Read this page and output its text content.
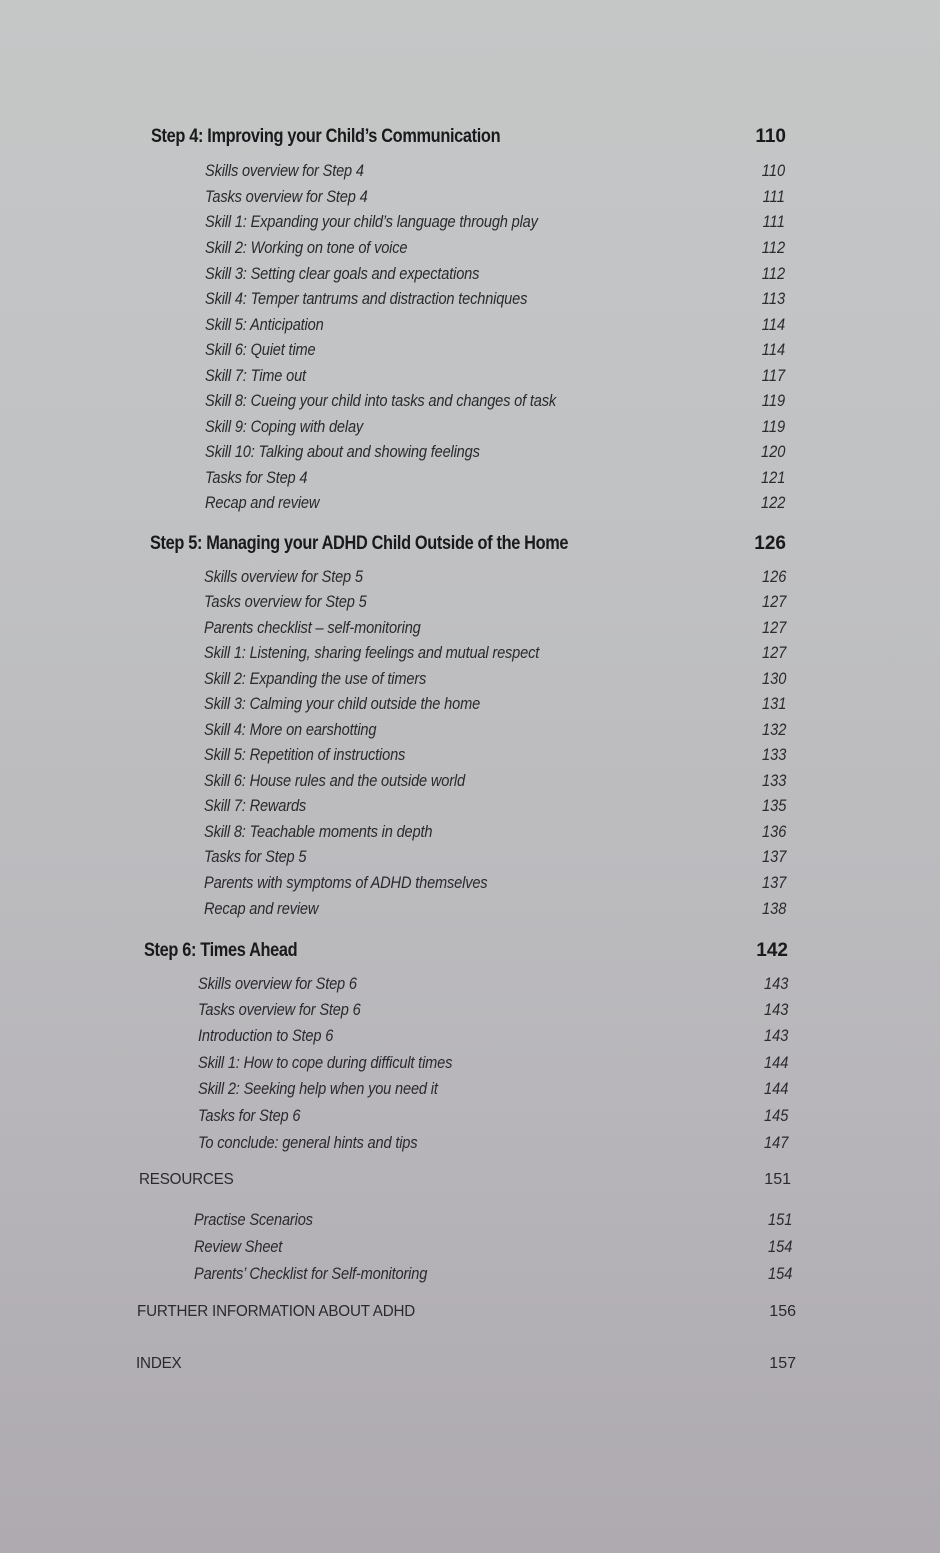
Step 4: Improving your Child’s Communication	110
Skills overview for Step 4	110
Tasks overview for Step 4	111
Skill 1: Expanding your child’s language through play	111
Skill 2: Working on tone of voice	112
Skill 3: Setting clear goals and expectations	112
Skill 4: Temper tantrums and distraction techniques	113
Skill 5: Anticipation	114
Skill 6: Quiet time	114
Skill 7: Time out	117
Skill 8: Cueing your child into tasks and changes of task	119
Skill 9: Coping with delay	119
Skill 10: Talking about and showing feelings	120
Tasks for Step 4	121
Recap and review	122
Step 5: Managing your ADHD Child Outside of the Home	126
Skills overview for Step 5	126
Tasks overview for Step 5	127
Parents checklist – self-monitoring	127
Skill 1: Listening, sharing feelings and mutual respect	127
Skill 2: Expanding the use of timers	130
Skill 3: Calming your child outside the home	131
Skill 4: More on earshotting	132
Skill 5: Repetition of instructions	133
Skill 6: House rules and the outside world	133
Skill 7: Rewards	135
Skill 8: Teachable moments in depth	136
Tasks for Step 5	137
Parents with symptoms of ADHD themselves	137
Recap and review	138
Step 6: Times Ahead	142
Skills overview for Step 6	143
Tasks overview for Step 6	143
Introduction to Step 6	143
Skill 1: How to cope during difficult times	144
Skill 2: Seeking help when you need it	144
Tasks for Step 6	145
To conclude: general hints and tips	147
RESOURCES	151
Practise Scenarios	151
Review Sheet	154
Parents’ Checklist for Self-monitoring	154
FURTHER INFORMATION ABOUT ADHD	156
INDEX	157
